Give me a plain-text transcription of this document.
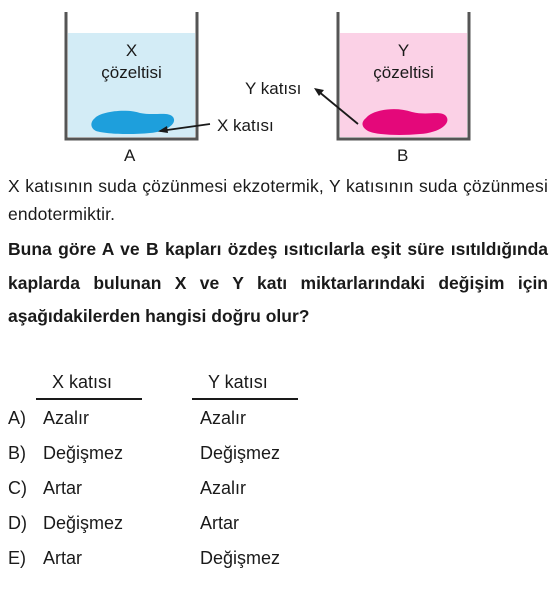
X
çözeltisi
Y
çözeltisi
X katısı
Y katısı
A	B
X katısının suda çözünmesi ekzotermik, Y katısının suda çözünmesi endotermiktir.
Buna göre A ve B kapları özdeş ısıtıcılarla eşit süre ısıtıldığında kaplarda bulunan X ve Y katı miktarlarındaki değişim için aşağıdakilerden hangisi doğru olur?
X katısı	Y katısı
A) Azalır	Azalır
B) Değişmez	Değişmez
C) Artar	Azalır
D) Değişmez	Artar
E) Artar	Değişmez
